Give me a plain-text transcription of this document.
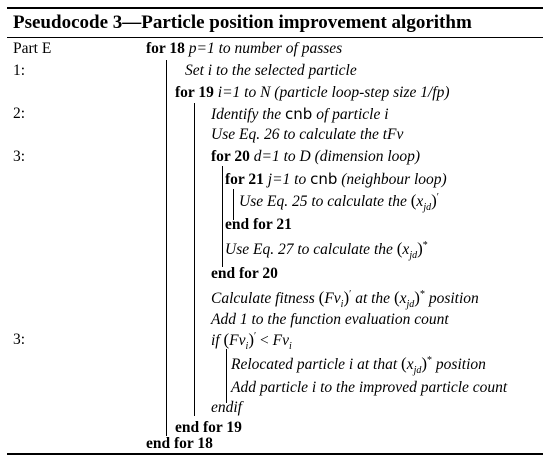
Pseudocode 3—Particle position improvement algorithm
Part E
1:
2:
3:
3:
for 18 p=1 to number of passes
Set i to the selected particle
for 19 i=1 to N (particle loop-step size 1/fp)
Identify the cnb of particle i
Use Eq. 26 to calculate the tFv
for 20 d=1 to D (dimension loop)
for 21 j=1 to cnb (neighbour loop)
Use Eq. 25 to calculate the $(x_{jd})'$
end for 21
Use Eq. 27 to calculate the $(x_{jd})^*$
end for 20
Calculate fitness $(Fv_i)'$ at the $(x_{jd})^*$ position
Add 1 to the function evaluation count
if $(Fv_i)' < Fv_i$
Relocated particle i at that $(x_{jd})^*$ position
Add particle i to the improved particle count
endif
end for 19
end for 18
